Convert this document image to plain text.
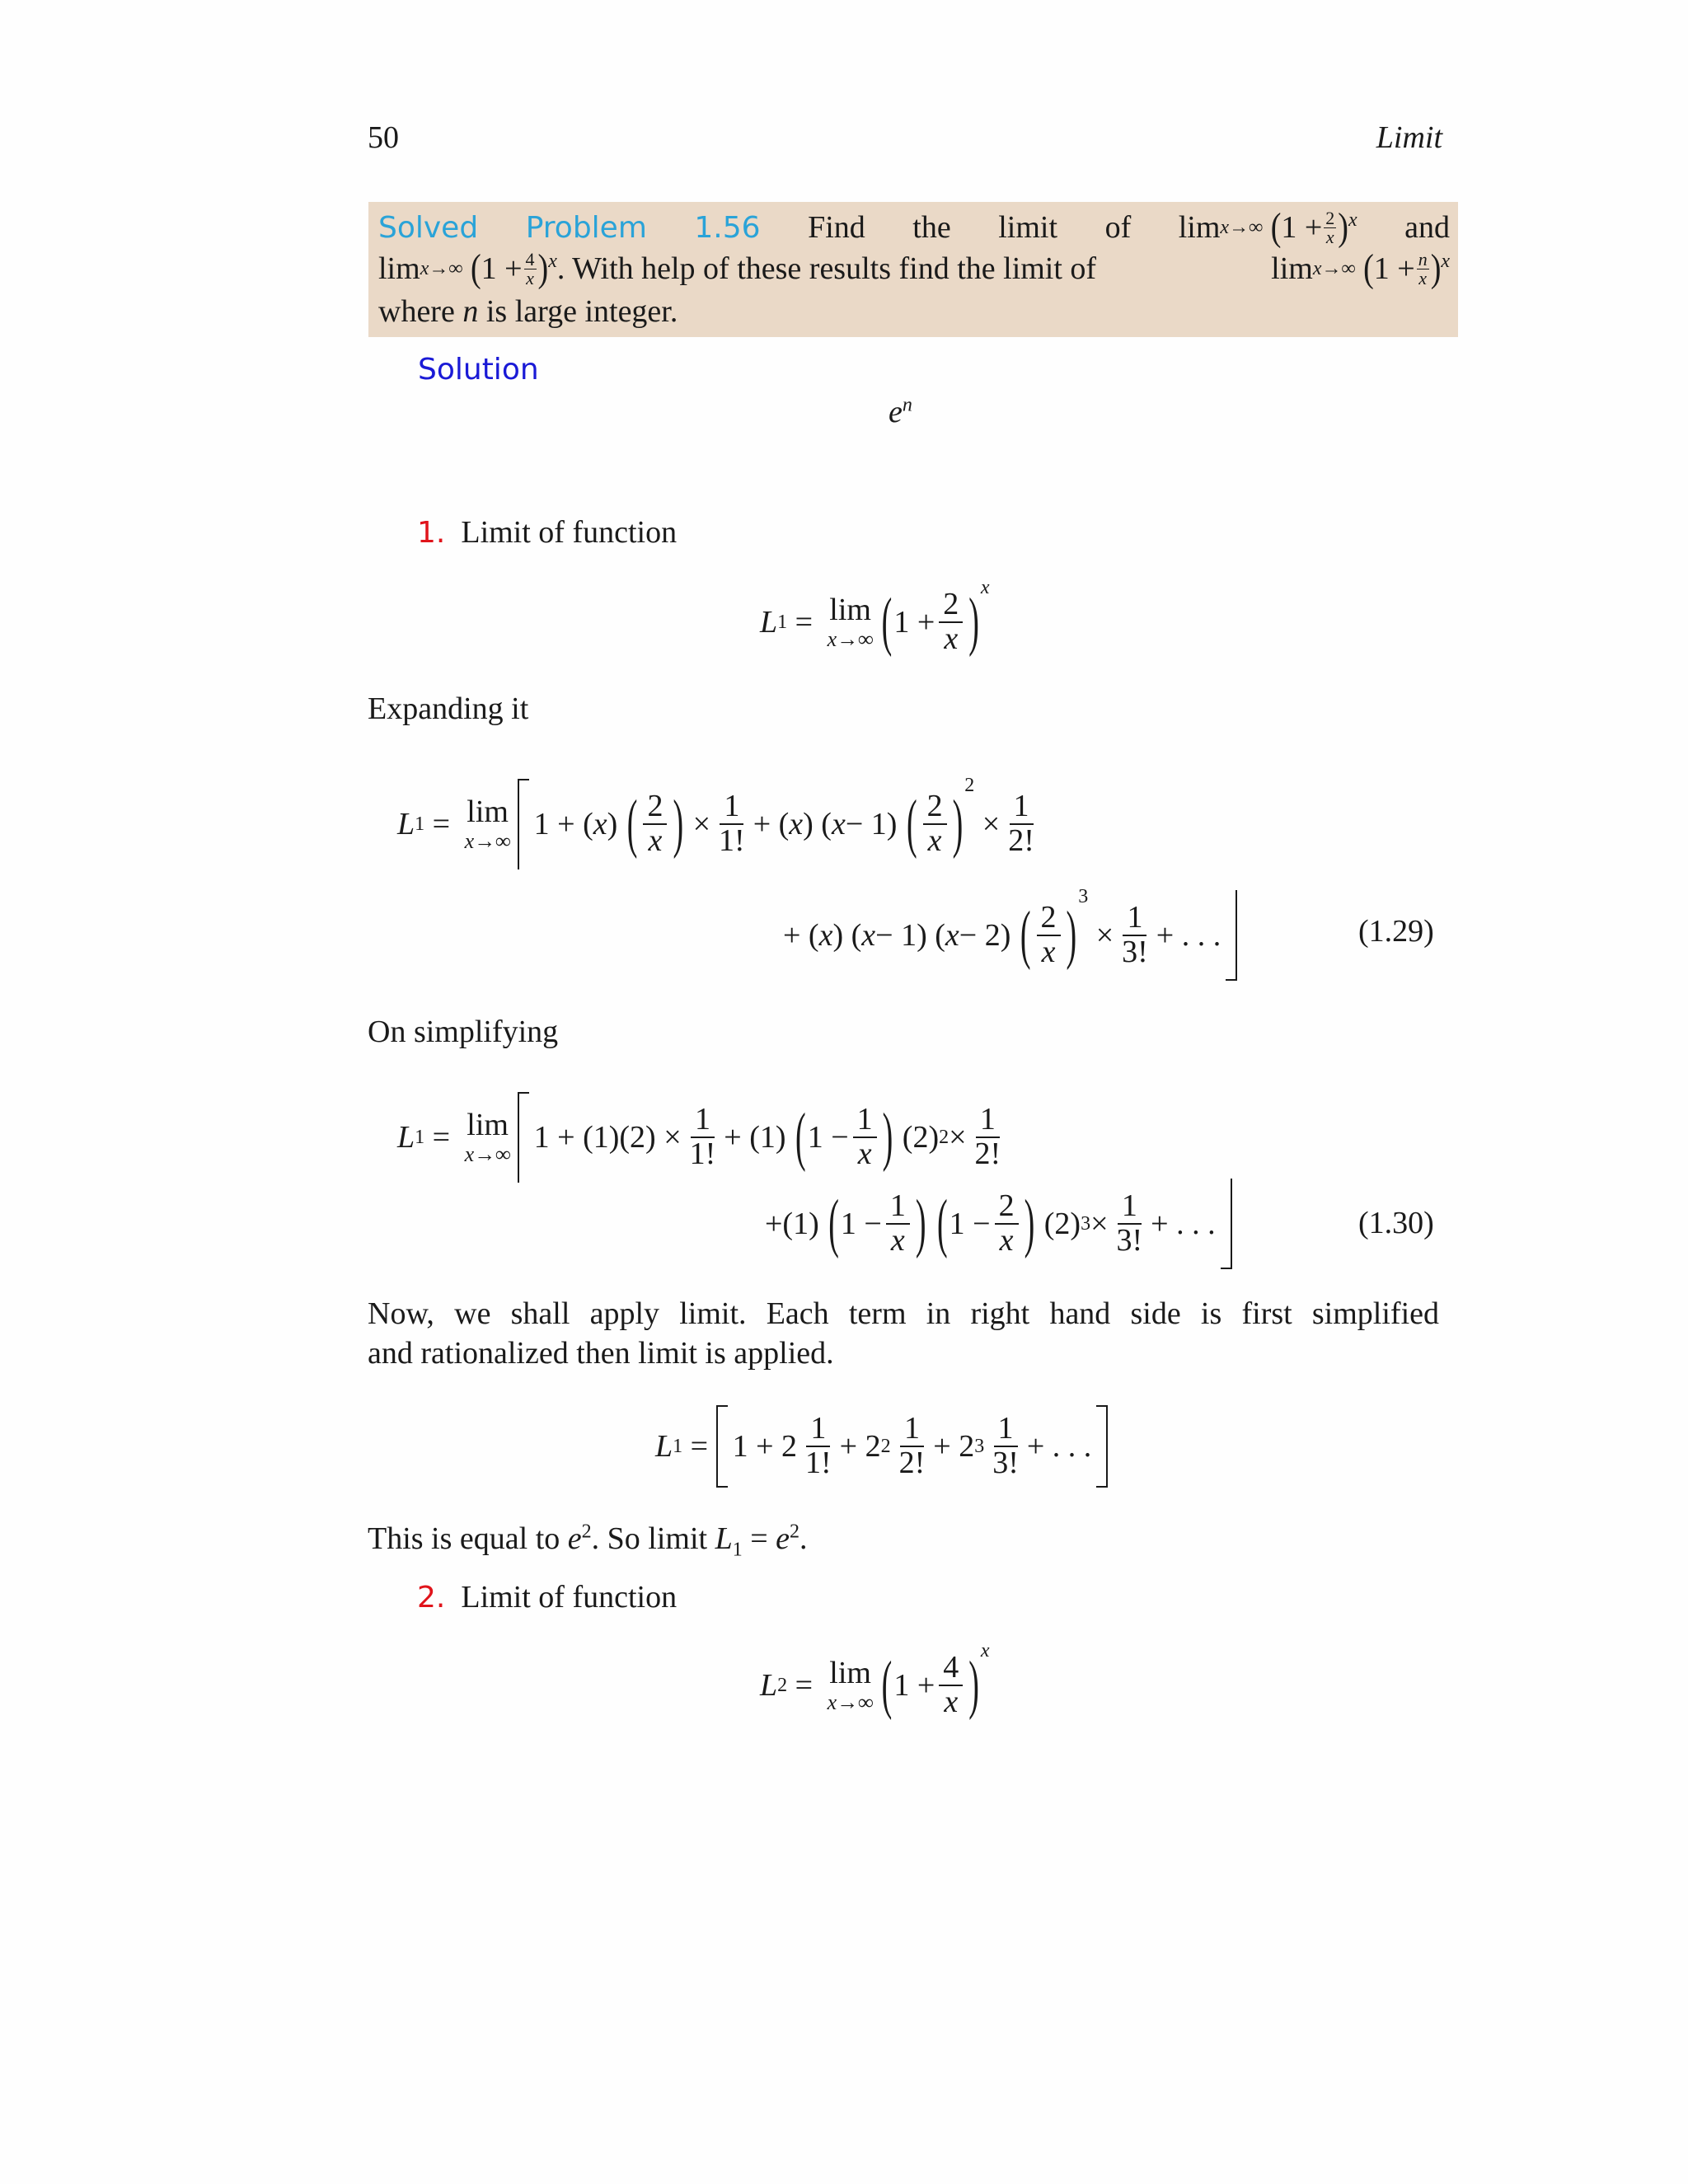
50	Limit
Solved Problem 1.56 Find the limit of lim x→∞
( 1 + 2
x ) $^x$ and
lim x→∞
( 1 + 4
x ) $^x$ . With help of these results find the limit of
	lim x→∞
( 1 + n
x ) $^x$
where
n
is large integer.
Solution
$e^n$
1. Limit of function
L 1 = lim
x→∞ ( $1 + \frac{2}{x}$ ) $^x$
Expanding it
L 1 = lim
x→∞ 1 + ( x ) ( $\frac{2}{x}$ ) × $\frac{1}{1!}$ + ( x ) ( x − 1) ( $\frac{2}{x}$ )
$^2$
× $\frac{1}{2!}$
+ ( x ) ( x − 1) ( x − 2) ( $\frac{2}{x}$ )
$^3$
× $\frac{1}{3!}$ + . . .	(1.29)
On simplifying
L 1 = lim
x→∞ $1 + (1)(2) \times \frac{1}{1!} + (1)$ ( $1 - \frac{1}{x}$ ) (2) $2 \times \frac{1}{2!}$
+(1) ( $1 - \frac{1}{x}$ )
( $1 - \frac{2}{x}$ ) (2) $3 \times \frac{1}{3!}$ + . . .	(1.30)
Now, we shall apply limit. Each term in right hand side is first simplified
and rationalized then limit is applied.
L 1 =
$1 + 2 \frac{1}{1!} + 2$ $2 \frac{1}{2!} + 2$ $3 \frac{1}{3!}$ + . . .
This is equal to $e^2$. So limit $L_1 = e^2$.
2. Limit of function
L 2 = lim
x→∞ ( $1 + \frac{4}{x}$ ) $^x$
